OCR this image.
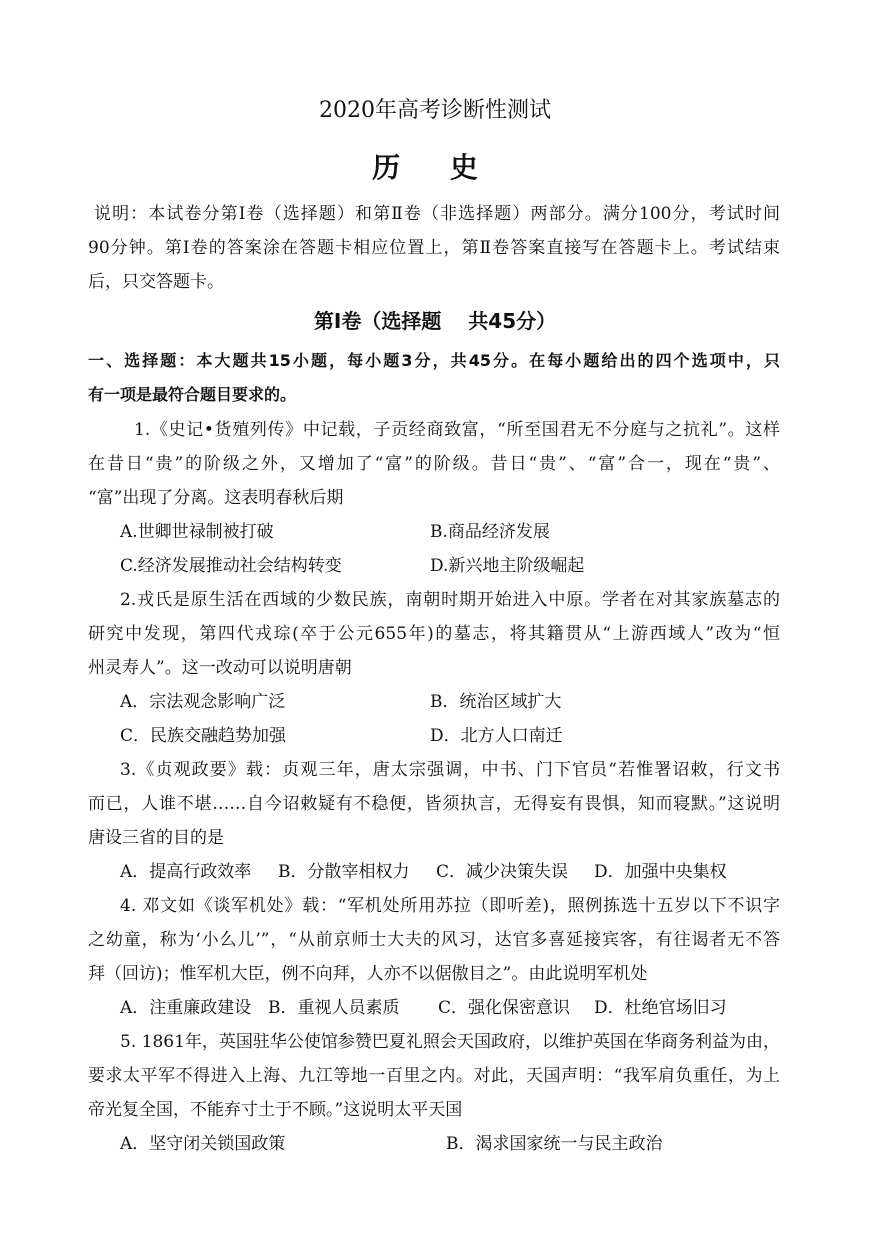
2020年高考诊断性测试
历 史
说明：本试卷分第Ⅰ卷（选择题）和第Ⅱ卷（非选择题）两部分。满分100分，考试时间
90分钟。第Ⅰ卷的答案涂在答题卡相应位置上，第Ⅱ卷答案直接写在答题卡上。考试结束
后，只交答题卡。
第Ⅰ卷（选择题　 共45分）
一、选择题：本大题共15小题，每小题3分，共45分。在每小题给出的四个选项中，只
有一项是最符合题目要求的。
1.《史记•货殖列传》中记载，子贡经商致富，“所至国君无不分庭与之抗礼”。这样
在昔日“贵”的阶级之外，又增加了“富”的阶级。昔日“贵”、“富”合一，现在“贵”、
“富”出现了分离。这表明春秋后期
A.世卿世禄制被打破	B.商品经济发展
C.经济发展推动社会结构转变	D.新兴地主阶级崛起
2.戎氏是原生活在西域的少数民族，南朝时期开始进入中原。学者在对其家族墓志的
研究中发现，第四代戎琮(卒于公元655年)的墓志，将其籍贯从“上游西域人”改为“恒
州灵寿人”。这一改动可以说明唐朝
A．宗法观念影响广泛	B．统治区域扩大
C．民族交融趋势加强	D．北方人口南迁
3.《贞观政要》载：贞观三年，唐太宗强调，中书、门下官员“若惟署诏敕，行文书
而已，人谁不堪……自今诏敕疑有不稳便，皆须执言，无得妄有畏惧，知而寝默。”这说明
唐设三省的目的是
A．提高行政效率 B．分散宰相权力 C．减少决策失误 D．加强中央集权
4. 邓文如《谈军机处》载：“军机处所用苏拉（即听差)，照例拣选十五岁以下不识字
之幼童，称为‘小么儿’”，“从前京师士大夫的风习，达官多喜延接宾客，有往谒者无不答
拜（回访)；惟军机大臣，例不向拜，人亦不以倨傲目之”。由此说明军机处
A．注重廉政建设 B．重视人员素质 C．强化保密意识 D．杜绝官场旧习
5. 1861年，英国驻华公使馆参赞巴夏礼照会天国政府，以维护英国在华商务利益为由，
要求太平军不得进入上海、九江等地一百里之内。对此，天国声明：“我军肩负重任，为上
帝光复全国，不能弃寸土于不顾。”这说明太平天国
A．坚守闭关锁国政策	B．渴求国家统一与民主政治
